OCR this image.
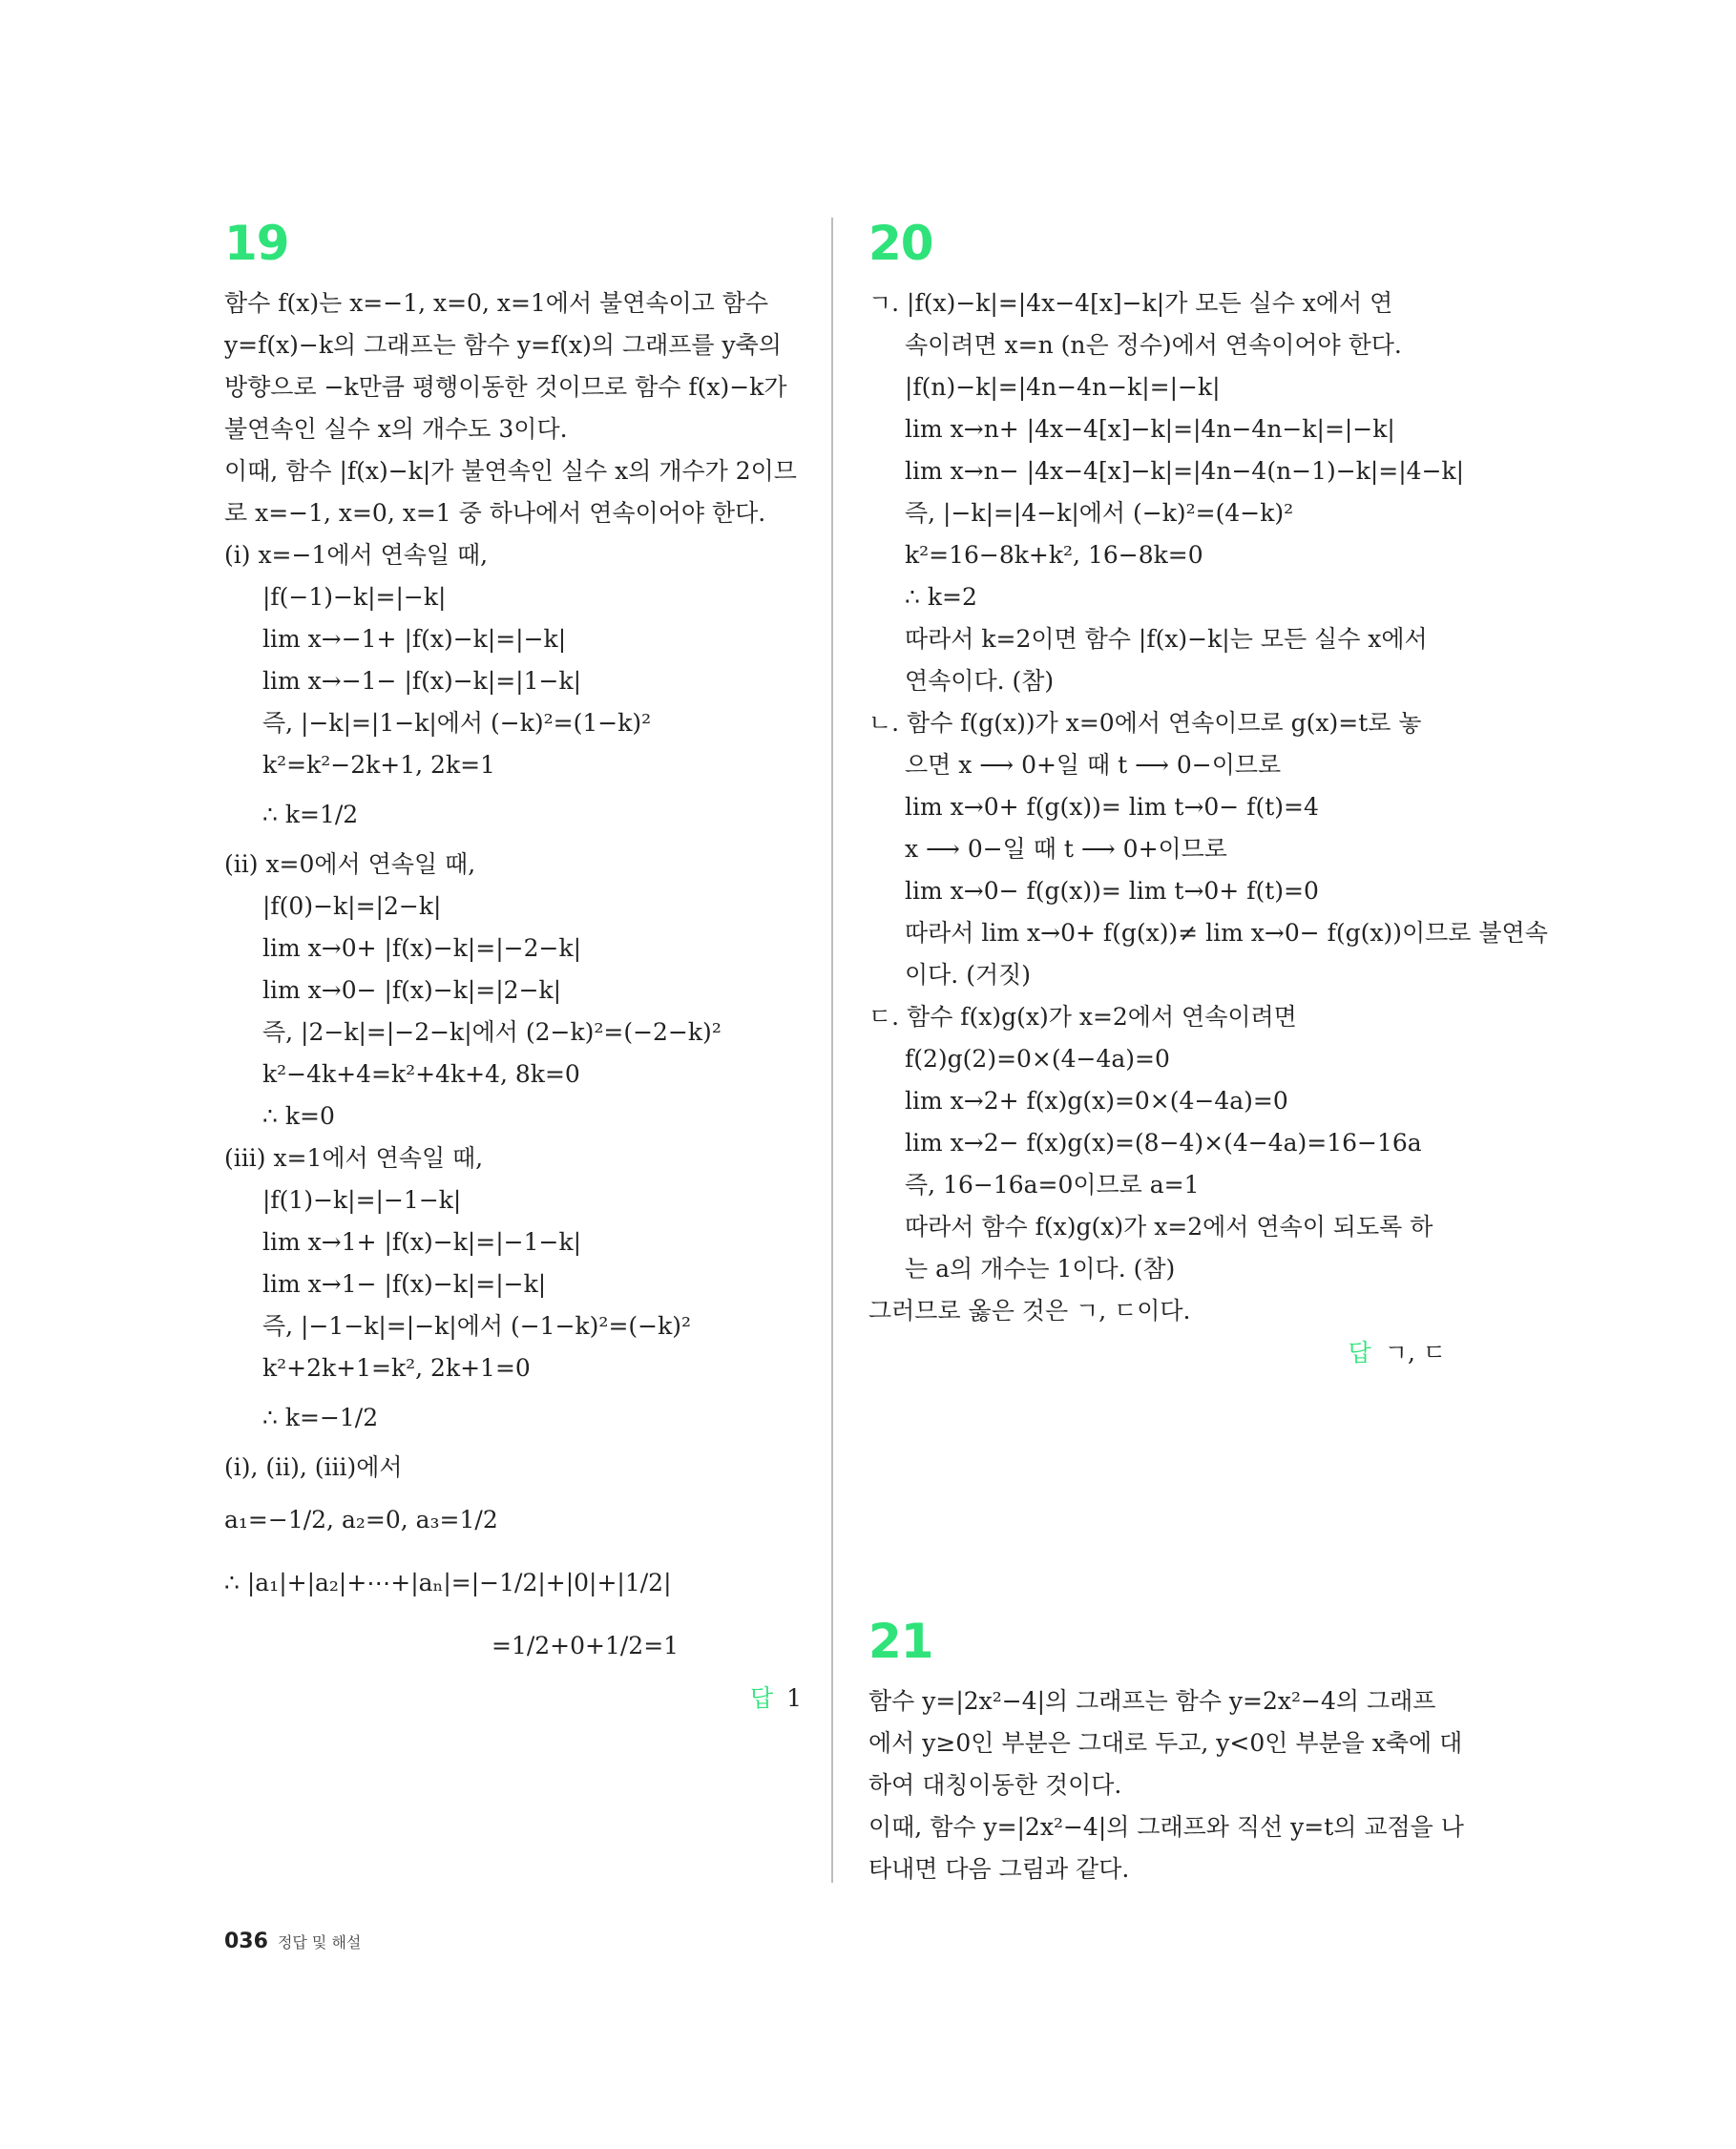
19
함수 f(x)는 x=−1, x=0, x=1에서 불연속이고 함수
y=f(x)−k의 그래프는 함수 y=f(x)의 그래프를 y축의
방향으로 −k만큼 평행이동한 것이므로 함수 f(x)−k가
불연속인 실수 x의 개수도 3이다.
이때, 함수 |f(x)−k|가 불연속인 실수 x의 개수가 2이므
로 x=−1, x=0, x=1 중 하나에서 연속이어야 한다.
(ⅰ) x=−1에서 연속일 때,
|f(−1)−k|=|−k|
lim x→−1+ |f(x)−k|=|−k|
lim x→−1− |f(x)−k|=|1−k|
즉, |−k|=|1−k|에서 (−k)²=(1−k)²
k²=k²−2k+1, 2k=1
∴ k=1/2
(ⅱ) x=0에서 연속일 때,
|f(0)−k|=|2−k|
lim x→0+ |f(x)−k|=|−2−k|
lim x→0− |f(x)−k|=|2−k|
즉, |2−k|=|−2−k|에서 (2−k)²=(−2−k)²
k²−4k+4=k²+4k+4, 8k=0
∴ k=0
(ⅲ) x=1에서 연속일 때,
|f(1)−k|=|−1−k|
lim x→1+ |f(x)−k|=|−1−k|
lim x→1− |f(x)−k|=|−k|
즉, |−1−k|=|−k|에서 (−1−k)²=(−k)²
k²+2k+1=k², 2k+1=0
∴ k=−1/2
(ⅰ), (ⅱ), (ⅲ)에서
a₁=−1/2, a₂=0, a₃=1/2
∴ |a₁|+|a₂|+⋯+|aₙ|=|−1/2|+|0|+|1/2|
=1/2+0+1/2=1
답 1
20
ㄱ. |f(x)−k|=|4x−4[x]−k|가 모든 실수 x에서 연
속이려면 x=n (n은 정수)에서 연속이어야 한다.
|f(n)−k|=|4n−4n−k|=|−k|
lim x→n+ |4x−4[x]−k|=|4n−4n−k|=|−k|
lim x→n− |4x−4[x]−k|=|4n−4(n−1)−k|=|4−k|
즉, |−k|=|4−k|에서 (−k)²=(4−k)²
k²=16−8k+k², 16−8k=0
∴ k=2
따라서 k=2이면 함수 |f(x)−k|는 모든 실수 x에서
연속이다. (참)
ㄴ. 함수 f(g(x))가 x=0에서 연속이므로 g(x)=t로 놓
으면 x ⟶ 0+일 때 t ⟶ 0−이므로
lim x→0+ f(g(x))= lim t→0− f(t)=4
x ⟶ 0−일 때 t ⟶ 0+이므로
lim x→0− f(g(x))= lim t→0+ f(t)=0
따라서 lim x→0+ f(g(x))≠ lim x→0− f(g(x))이므로 불연속
이다. (거짓)
ㄷ. 함수 f(x)g(x)가 x=2에서 연속이려면
f(2)g(2)=0×(4−4a)=0
lim x→2+ f(x)g(x)=0×(4−4a)=0
lim x→2− f(x)g(x)=(8−4)×(4−4a)=16−16a
즉, 16−16a=0이므로 a=1
따라서 함수 f(x)g(x)가 x=2에서 연속이 되도록 하
는 a의 개수는 1이다. (참)
그러므로 옳은 것은 ㄱ, ㄷ이다.
답 ㄱ, ㄷ
21
함수 y=|2x²−4|의 그래프는 함수 y=2x²−4의 그래프
에서 y≥0인 부분은 그대로 두고, y<0인 부분을 x축에 대
하여 대칭이동한 것이다.
이때, 함수 y=|2x²−4|의 그래프와 직선 y=t의 교점을 나
타내면 다음 그림과 같다.
036 정답 및 해설
